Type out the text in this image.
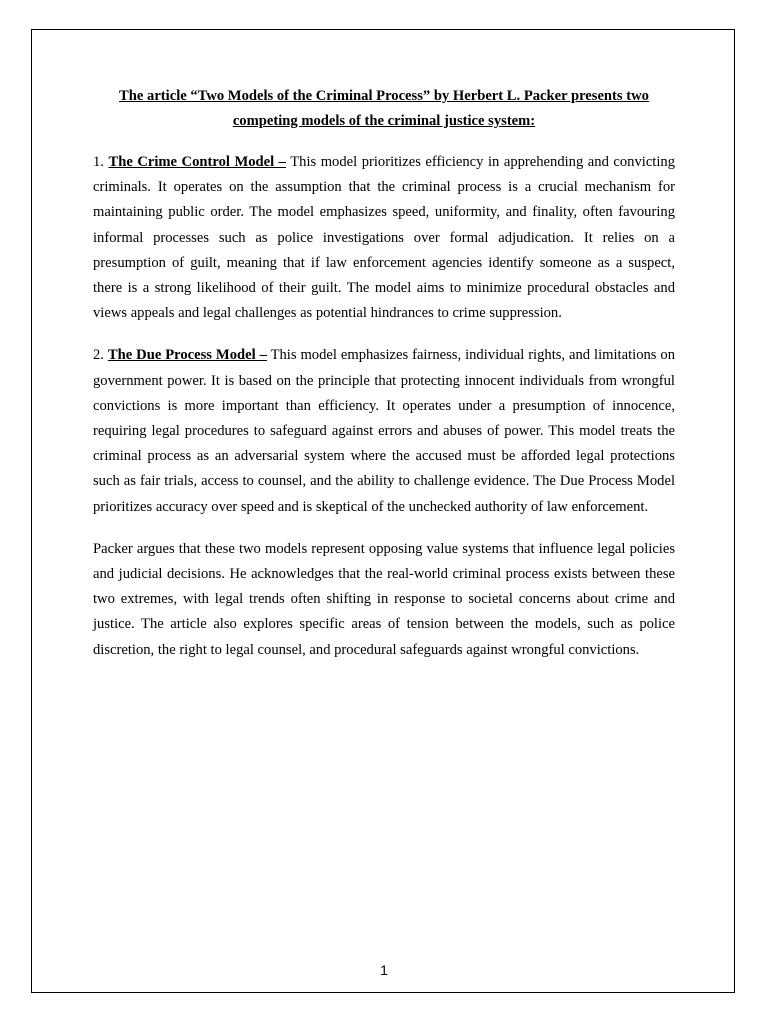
The article “Two Models of the Criminal Process” by Herbert L. Packer presents two competing models of the criminal justice system:

1. The Crime Control Model – This model prioritizes efficiency in apprehending and convicting criminals. It operates on the assumption that the criminal process is a crucial mechanism for maintaining public order. The model emphasizes speed, uniformity, and finality, often favouring informal processes such as police investigations over formal adjudication. It relies on a presumption of guilt, meaning that if law enforcement agencies identify someone as a suspect, there is a strong likelihood of their guilt. The model aims to minimize procedural obstacles and views appeals and legal challenges as potential hindrances to crime suppression.

2. The Due Process Model – This model emphasizes fairness, individual rights, and limitations on government power. It is based on the principle that protecting innocent individuals from wrongful convictions is more important than efficiency. It operates under a presumption of innocence, requiring legal procedures to safeguard against errors and abuses of power. This model treats the criminal process as an adversarial system where the accused must be afforded legal protections such as fair trials, access to counsel, and the ability to challenge evidence. The Due Process Model prioritizes accuracy over speed and is skeptical of the unchecked authority of law enforcement.

Packer argues that these two models represent opposing value systems that influence legal policies and judicial decisions. He acknowledges that the real-world criminal process exists between these two extremes, with legal trends often shifting in response to societal concerns about crime and justice. The article also explores specific areas of tension between the models, such as police discretion, the right to legal counsel, and procedural safeguards against wrongful convictions.

1
